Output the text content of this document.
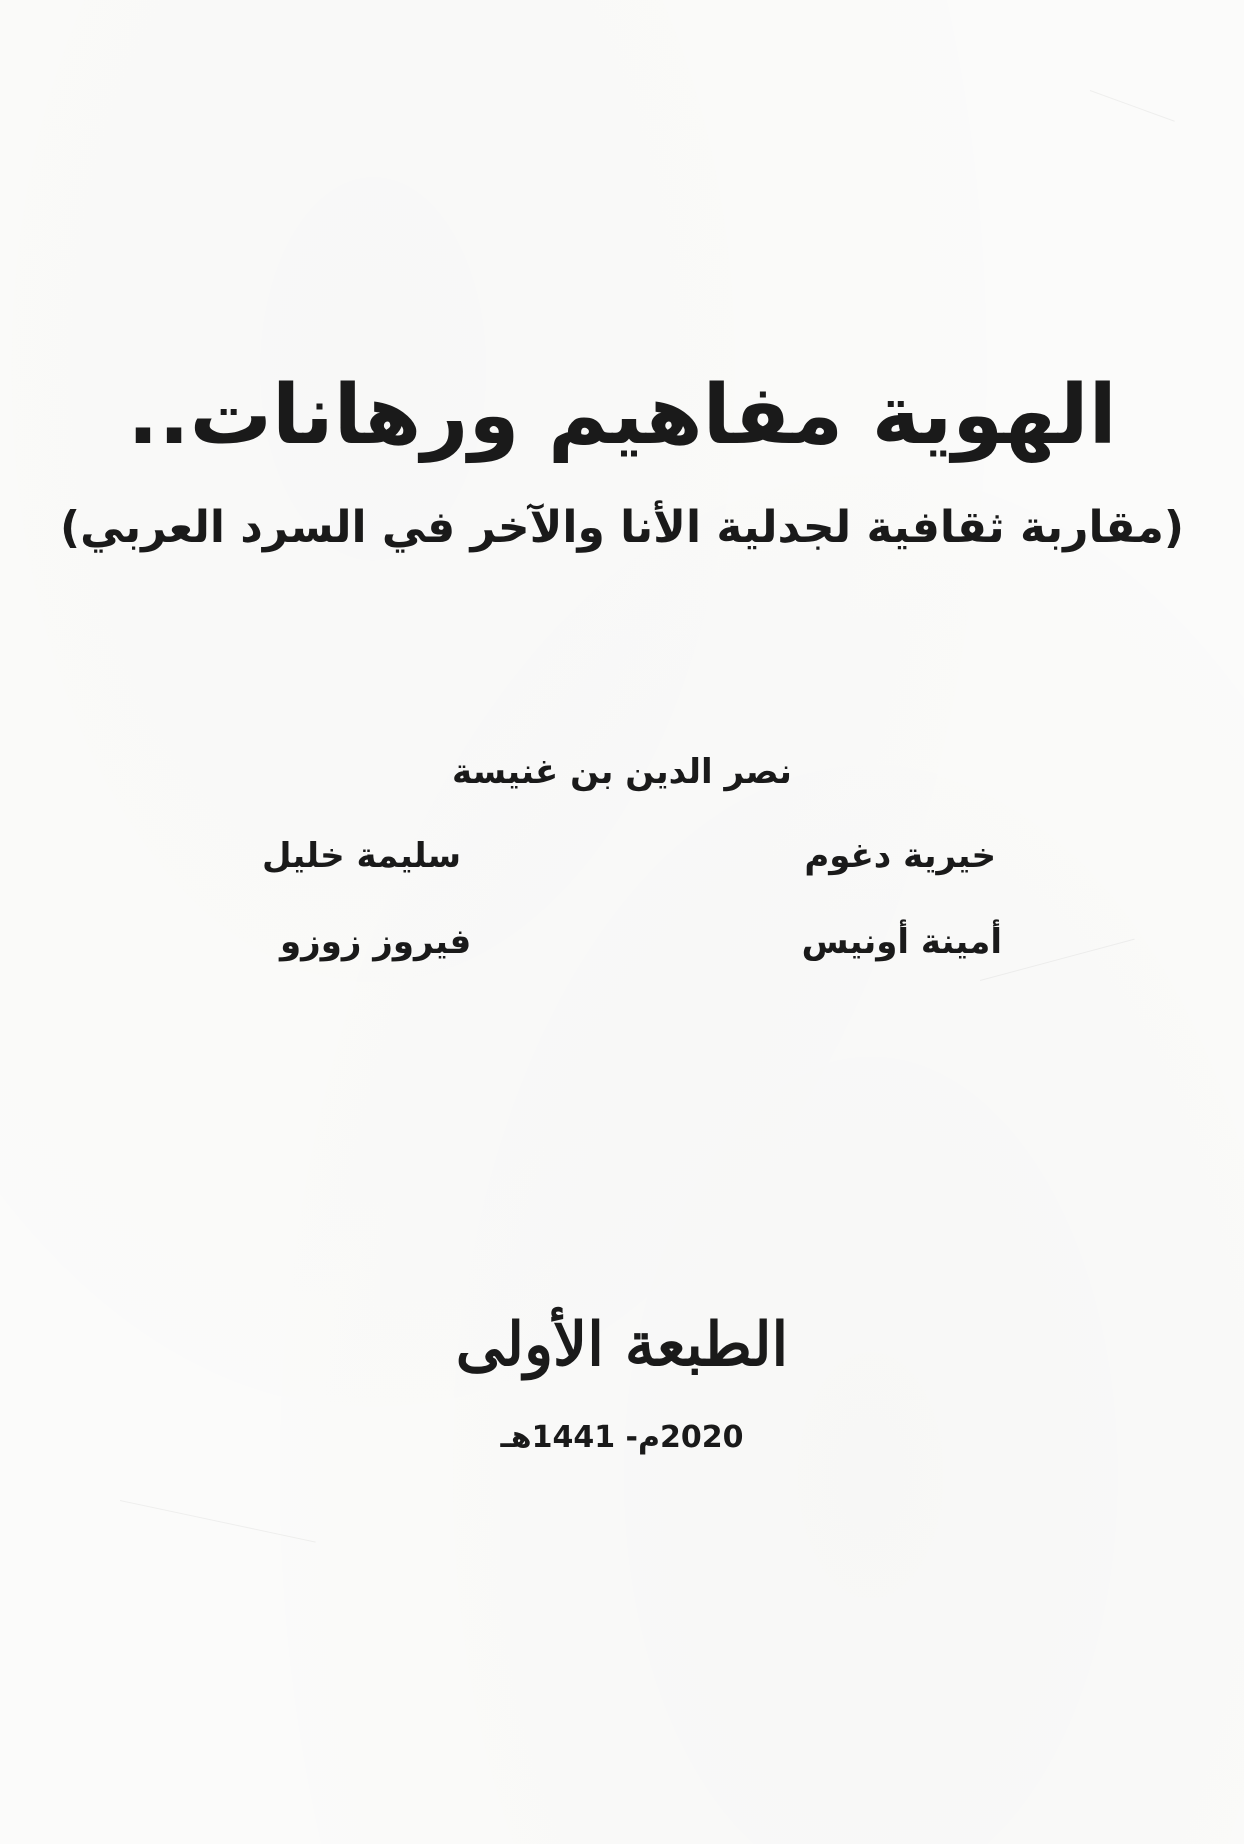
الهوية مفاهيم ورهانات..
(مقاربة ثقافية لجدلية الأنا والآخر في السرد العربي)
نصر الدين بن غنيسة
خيرية دغوم
سليمة خليل
أمينة أونيس
فيروز زوزو
الطبعة الأولى
2020م- 1441هـ
